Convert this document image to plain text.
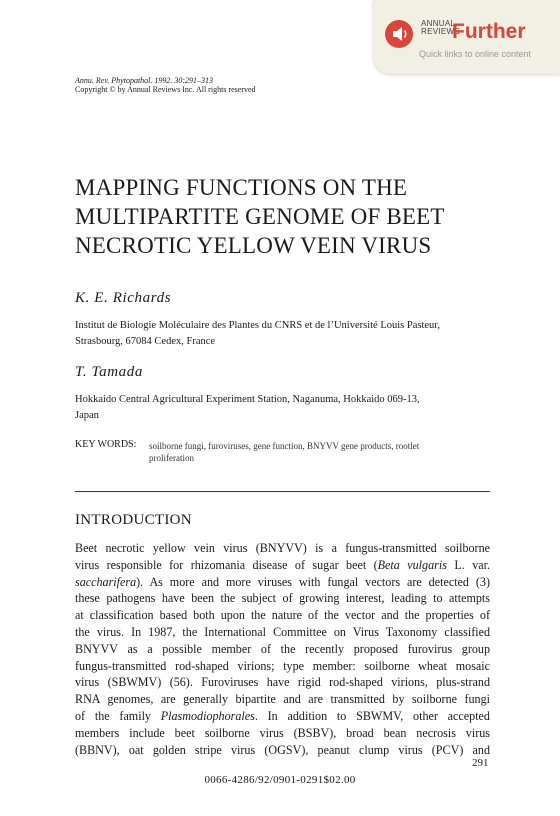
ANNUAL
REVIEWS
Further
Quick links to online content
Annu. Rev. Phytopathol. 1992. 30:291–313
Copyright © by Annual Reviews Inc. All rights reserved
MAPPING FUNCTIONS ON THE
MULTIPARTITE GENOME OF BEET
NECROTIC YELLOW VEIN VIRUS
K. E. Richards
Institut de Biologie Moléculaire des Plantes du CNRS et de l’Université Louis Pasteur,
Strasbourg, 67084 Cedex, France
T. Tamada
Hokkaido Central Agricultural Experiment Station, Naganuma, Hokkaido 069-13,
Japan
KEY WORDS: soilborne fungi, furoviruses, gene function, BNYVV gene products, rootlet
proliferation
INTRODUCTION
Beet necrotic yellow vein virus (BNYVV) is a fungus-transmitted soilborne
virus responsible for rhizomania disease of sugar beet (Beta vulgaris L. var.
saccharifera). As more and more viruses with fungal vectors are detected (3)
these pathogens have been the subject of growing interest, leading to attempts
at classification based both upon the nature of the vector and the properties of
the virus. In 1987, the International Committee on Virus Taxonomy classified
BNYVV as a possible member of the recently proposed furovirus group
fungus-transmitted rod-shaped virions; type member: soilborne wheat mosaic
virus (SBWMV) (56). Furoviruses have rigid rod-shaped virions, plus-strand
RNA genomes, are generally bipartite and are transmitted by soilborne fungi
of the family Plasmodiophorales. In addition to SBWMV, other accepted
members include beet soilborne virus (BSBV), broad bean necrosis virus
(BBNV), oat golden stripe virus (OGSV), peanut clump virus (PCV) and
291
0066-4286/92/0901-0291$02.00
